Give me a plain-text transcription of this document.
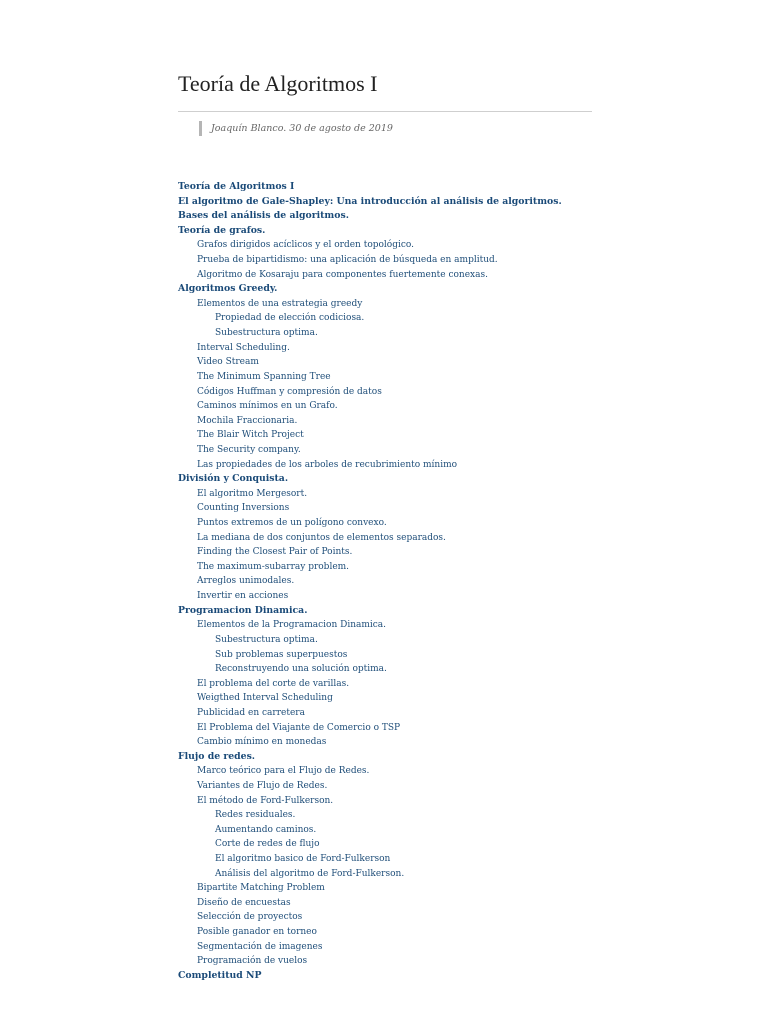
Teoría de Algoritmos I
Joaquín Blanco. 30 de agosto de 2019
Teoría de Algoritmos I
El algoritmo de Gale-Shapley: Una introducción al análisis de algoritmos.
Bases del análisis de algoritmos.
Teoría de grafos.
Grafos dirigidos acíclicos y el orden topológico.
Prueba de bipartidismo: una aplicación de búsqueda en amplitud.
Algoritmo de Kosaraju para componentes fuertemente conexas.
Algoritmos Greedy.
Elementos de una estrategia greedy
Propiedad de elección codiciosa.
Subestructura optima.
Interval Scheduling.
Video Stream
The Minimum Spanning Tree
Códigos Huffman y compresión de datos
Caminos mínimos en un Grafo.
Mochila Fraccionaria.
The Blair Witch Project
The Security company.
Las propiedades de los arboles de recubrimiento mínimo
División y Conquista.
El algoritmo Mergesort.
Counting Inversions
Puntos extremos de un polígono convexo.
La mediana de dos conjuntos de elementos separados.
Finding the Closest Pair of Points.
The maximum-subarray problem.
Arreglos unimodales.
Invertir en acciones
Programacion Dinamica.
Elementos de la Programacion Dinamica.
Subestructura optima.
Sub problemas superpuestos
Reconstruyendo una solución optima.
El problema del corte de varillas.
Weigthed Interval Scheduling
Publicidad en carretera
El Problema del Viajante de Comercio o TSP
Cambio mínimo en monedas
Flujo de redes.
Marco teórico para el Flujo de Redes.
Variantes de Flujo de Redes.
El método de Ford-Fulkerson.
Redes residuales.
Aumentando caminos.
Corte de redes de flujo
El algoritmo basico de Ford-Fulkerson
Análisis del algoritmo de Ford-Fulkerson.
Bipartite Matching Problem
Diseño de encuestas
Selección de proyectos
Posible ganador en torneo
Segmentación de imagenes
Programación de vuelos
Completitud NP
